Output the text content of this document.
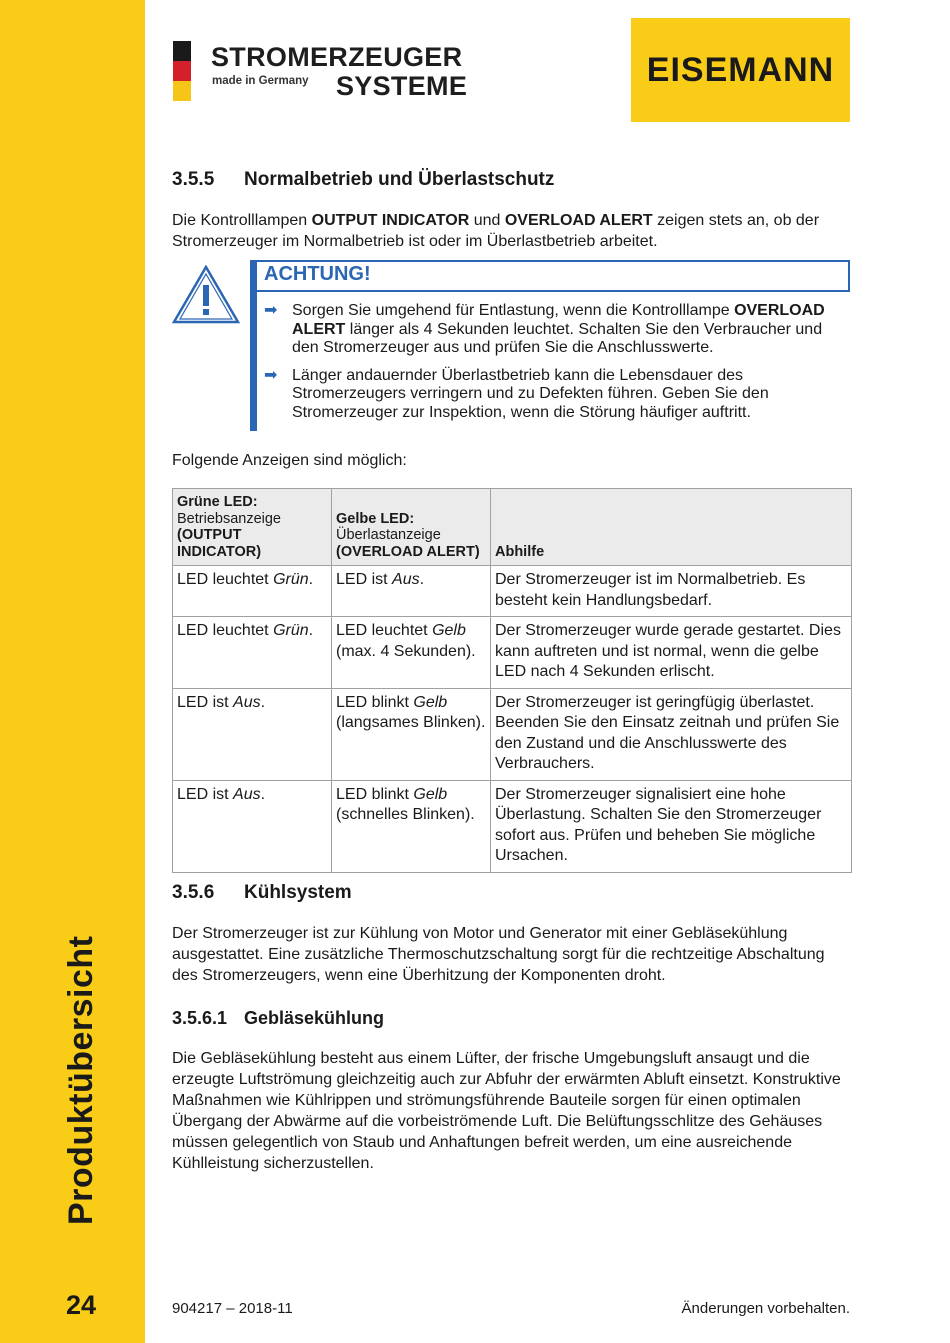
Produktübersicht
24
STROMERZEUGER
made in Germany SYSTEME	EISEMANN
3.5.5 Normalbetrieb und Überlastschutz

Die Kontrolllampen OUTPUT INDICATOR und OVERLOAD ALERT zeigen stets an, ob der
Stromerzeuger im Normalbetrieb ist oder im Überlastbetrieb arbeitet.

ACHTUNG!
➡ Sorgen Sie umgehend für Entlastung, wenn die Kontrolllampe OVERLOAD ALERT länger als 4 Sekunden leuchtet. Schalten Sie den Verbraucher und den Stromerzeuger aus und prüfen Sie die Anschlusswerte.
➡ Länger andauernder Überlastbetrieb kann die Lebensdauer des Stromerzeugers verringern und zu Defekten führen. Geben Sie den Stromerzeuger zur Inspektion, wenn die Störung häufiger auftritt.

Folgende Anzeigen sind möglich:

Grüne LED:
Betriebsanzeige
(OUTPUT INDICATOR)	Gelbe LED:
Überlastanzeige
(OVERLOAD ALERT)	Abhilfe
LED leuchtet Grün.	LED ist Aus.	Der Stromerzeuger ist im Normalbetrieb. Es besteht kein Handlungsbedarf.
LED leuchtet Grün.	LED leuchtet Gelb (max. 4 Sekunden).	Der Stromerzeuger wurde gerade gestartet. Dies kann auftreten und ist normal, wenn die gelbe LED nach 4 Sekunden erlischt.
LED ist Aus.	LED blinkt Gelb (langsames Blinken).	Der Stromerzeuger ist geringfügig überlastet. Beenden Sie den Einsatz zeitnah und prüfen Sie den Zustand und die Anschlusswerte des Verbrauchers.
LED ist Aus.	LED blinkt Gelb (schnelles Blinken).	Der Stromerzeuger signalisiert eine hohe Überlastung. Schalten Sie den Stromerzeuger sofort aus. Prüfen und beheben Sie mögliche Ursachen.
3.5.6 Kühlsystem

Der Stromerzeuger ist zur Kühlung von Motor und Generator mit einer Gebläsekühlung ausgestattet. Eine zusätzliche Thermoschutzschaltung sorgt für die rechtzeitige Abschaltung des Stromerzeugers, wenn eine Überhitzung der Komponenten droht.

3.5.6.1 Gebläsekühlung

Die Gebläsekühlung besteht aus einem Lüfter, der frische Umgebungsluft ansaugt und die erzeugte Luftströmung gleichzeitig auch zur Abfuhr der erwärmten Abluft einsetzt. Konstruktive Maßnahmen wie Kühlrippen und strömungsführende Bauteile sorgen für einen optimalen Übergang der Abwärme auf die vorbeiströmende Luft. Die Belüftungsschlitze des Gehäuses müssen gelegentlich von Staub und Anhaftungen befreit werden, um eine ausreichende Kühlleistung sicherzustellen.

904217 – 2018-11	Änderungen vorbehalten.
